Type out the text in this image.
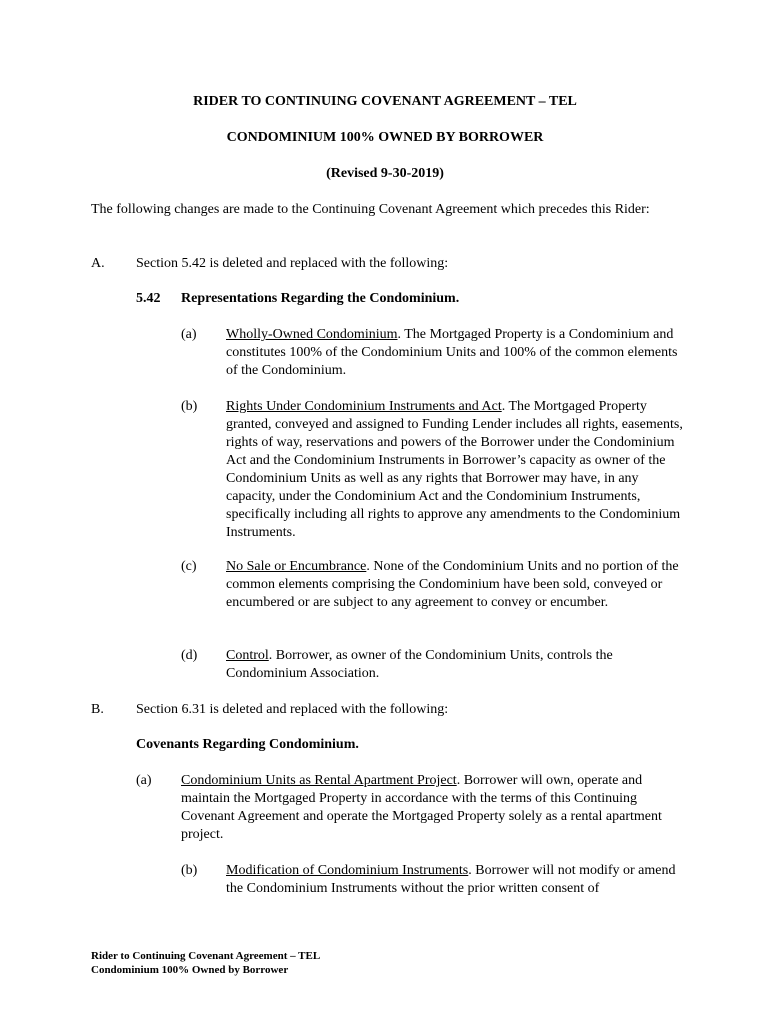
RIDER TO CONTINUING COVENANT AGREEMENT – TEL
CONDOMINIUM 100% OWNED BY BORROWER
(Revised 9-30-2019)
The following changes are made to the Continuing Covenant Agreement which precedes this Rider:
A.	Section 5.42 is deleted and replaced with the following:
5.42 Representations Regarding the Condominium.
(a)	Wholly-Owned Condominium. The Mortgaged Property is a Condominium and constitutes 100% of the Condominium Units and 100% of the common elements of the Condominium.
(b)	Rights Under Condominium Instruments and Act. The Mortgaged Property granted, conveyed and assigned to Funding Lender includes all rights, easements, rights of way, reservations and powers of the Borrower under the Condominium Act and the Condominium Instruments in Borrower’s capacity as owner of the Condominium Units as well as any rights that Borrower may have, in any capacity, under the Condominium Act and the Condominium Instruments, specifically including all rights to approve any amendments to the Condominium Instruments.
(c)	No Sale or Encumbrance. None of the Condominium Units and no portion of the common elements comprising the Condominium have been sold, conveyed or encumbered or are subject to any agreement to convey or encumber.
(d)	Control. Borrower, as owner of the Condominium Units, controls the Condominium Association.
B.	Section 6.31 is deleted and replaced with the following:
Covenants Regarding Condominium.
(a)	Condominium Units as Rental Apartment Project. Borrower will own, operate and maintain the Mortgaged Property in accordance with the terms of this Continuing Covenant Agreement and operate the Mortgaged Property solely as a rental apartment project.
(b)	Modification of Condominium Instruments. Borrower will not modify or amend the Condominium Instruments without the prior written consent of
Rider to Continuing Covenant Agreement – TEL
Condominium 100% Owned by Borrower
